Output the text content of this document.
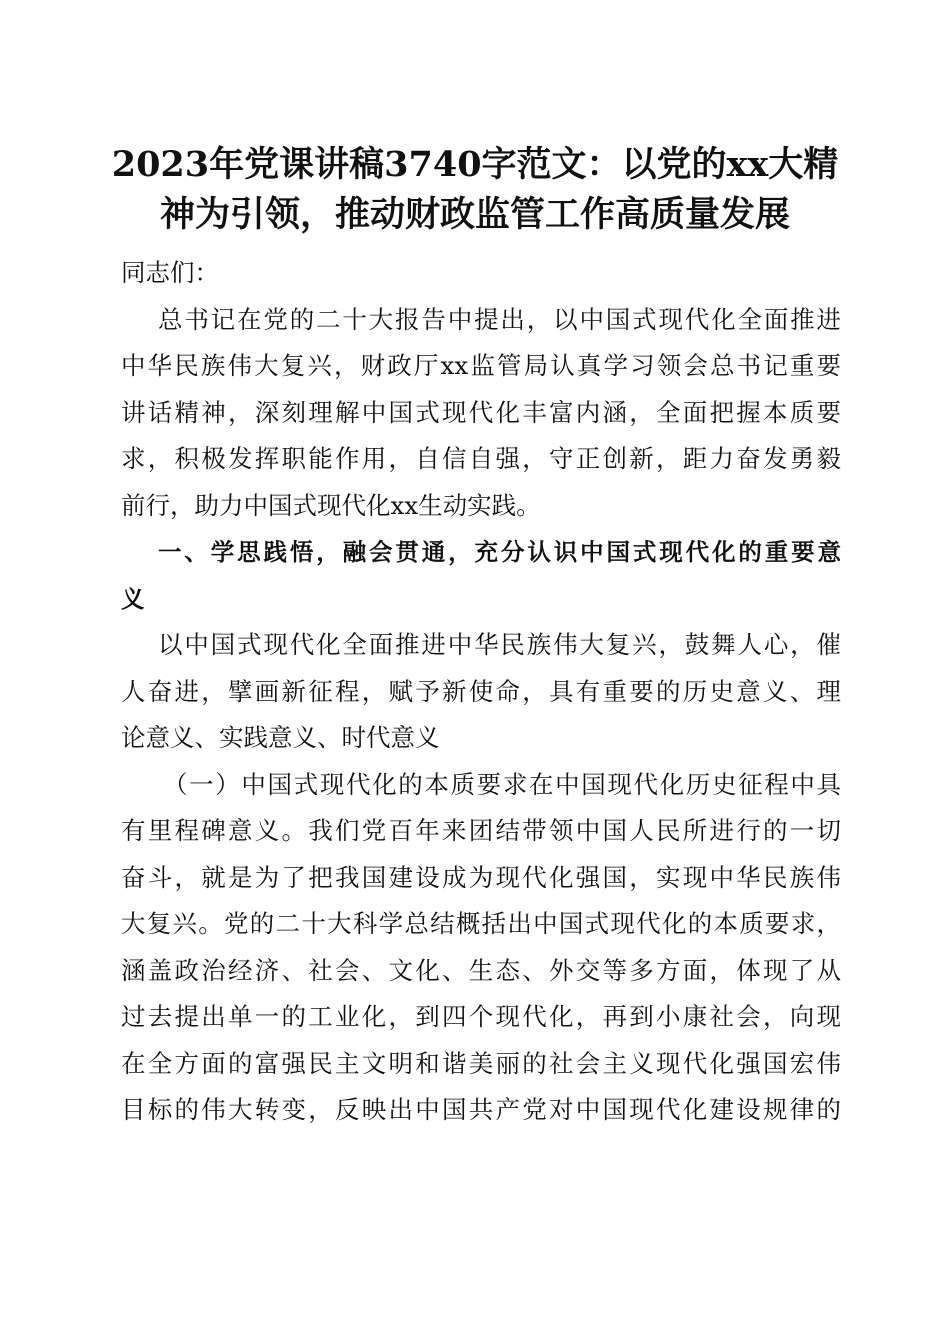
2023年党课讲稿3740字范文：以党的xx大精
神为引领，推动财政监管工作高质量发展
同志们：
总书记在党的二十大报告中提出，以中国式现代化全面推进
中华民族伟大复兴，财政厅xx监管局认真学习领会总书记重要
讲话精神，深刻理解中国式现代化丰富内涵，全面把握本质要
求，积极发挥职能作用，自信自强，守正创新，距力奋发勇毅
前行，助力中国式现代化xx生动实践。
一、学思践悟，融会贯通，充分认识中国式现代化的重要意
义
以中国式现代化全面推进中华民族伟大复兴，鼓舞人心，催
人奋进，擘画新征程，赋予新使命，具有重要的历史意义、理
论意义、实践意义、时代意义
（一）中国式现代化的本质要求在中国现代化历史征程中具
有里程碑意义。我们党百年来团结带领中国人民所进行的一切
奋斗，就是为了把我国建设成为现代化强国，实现中华民族伟
大复兴。党的二十大科学总结概括出中国式现代化的本质要求，
涵盖政治经济、社会、文化、生态、外交等多方面，体现了从
过去提出单一的工业化，到四个现代化，再到小康社会，向现
在全方面的富强民主文明和谐美丽的社会主义现代化强国宏伟
目标的伟大转变，反映出中国共产党对中国现代化建设规律的
